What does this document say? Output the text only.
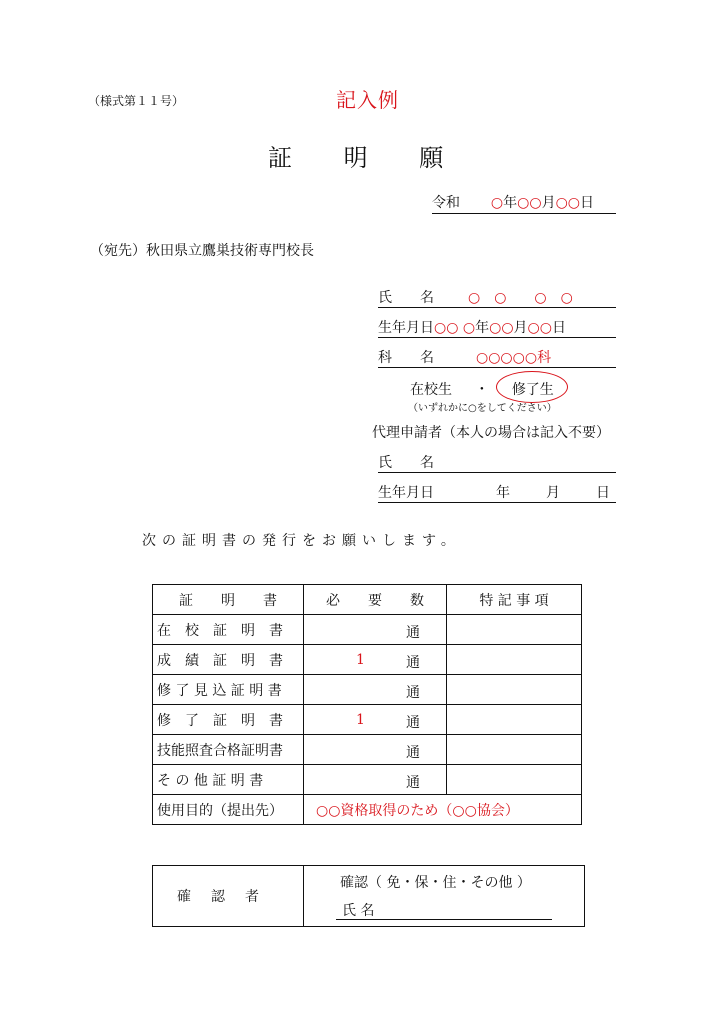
（様式第１１号）	記入例
証 明 願
令和 ○年○○月○○日
（宛先）秋田県立鷹巣技術専門校長
氏　　名 ○　○　　○　○
生年月日○○ ○年○○月○○日
科　　名	○○○○○科
在校生 ・ 修了生
（いずれかに○をしてください）
代理申請者（本人の場合は記入不要）
氏　　名
生年月日	年	月	日
次の証明書の発行をお願いします。
証　　明　　書	必　　要　　数	特 記 事 項
在　校　証　明　書	通	

成　績　証　明　書	1 通	

修 了 見 込 証 明 書	通	

修　了　証　明　書	1 通	

技能照査合格証明書	通	

そ の 他 証 明 書	通	

使用目的（提出先）	○○資格取得のため（○○協会）	
確認者	
確認（ 免・保・住・その他 ）
氏 名
